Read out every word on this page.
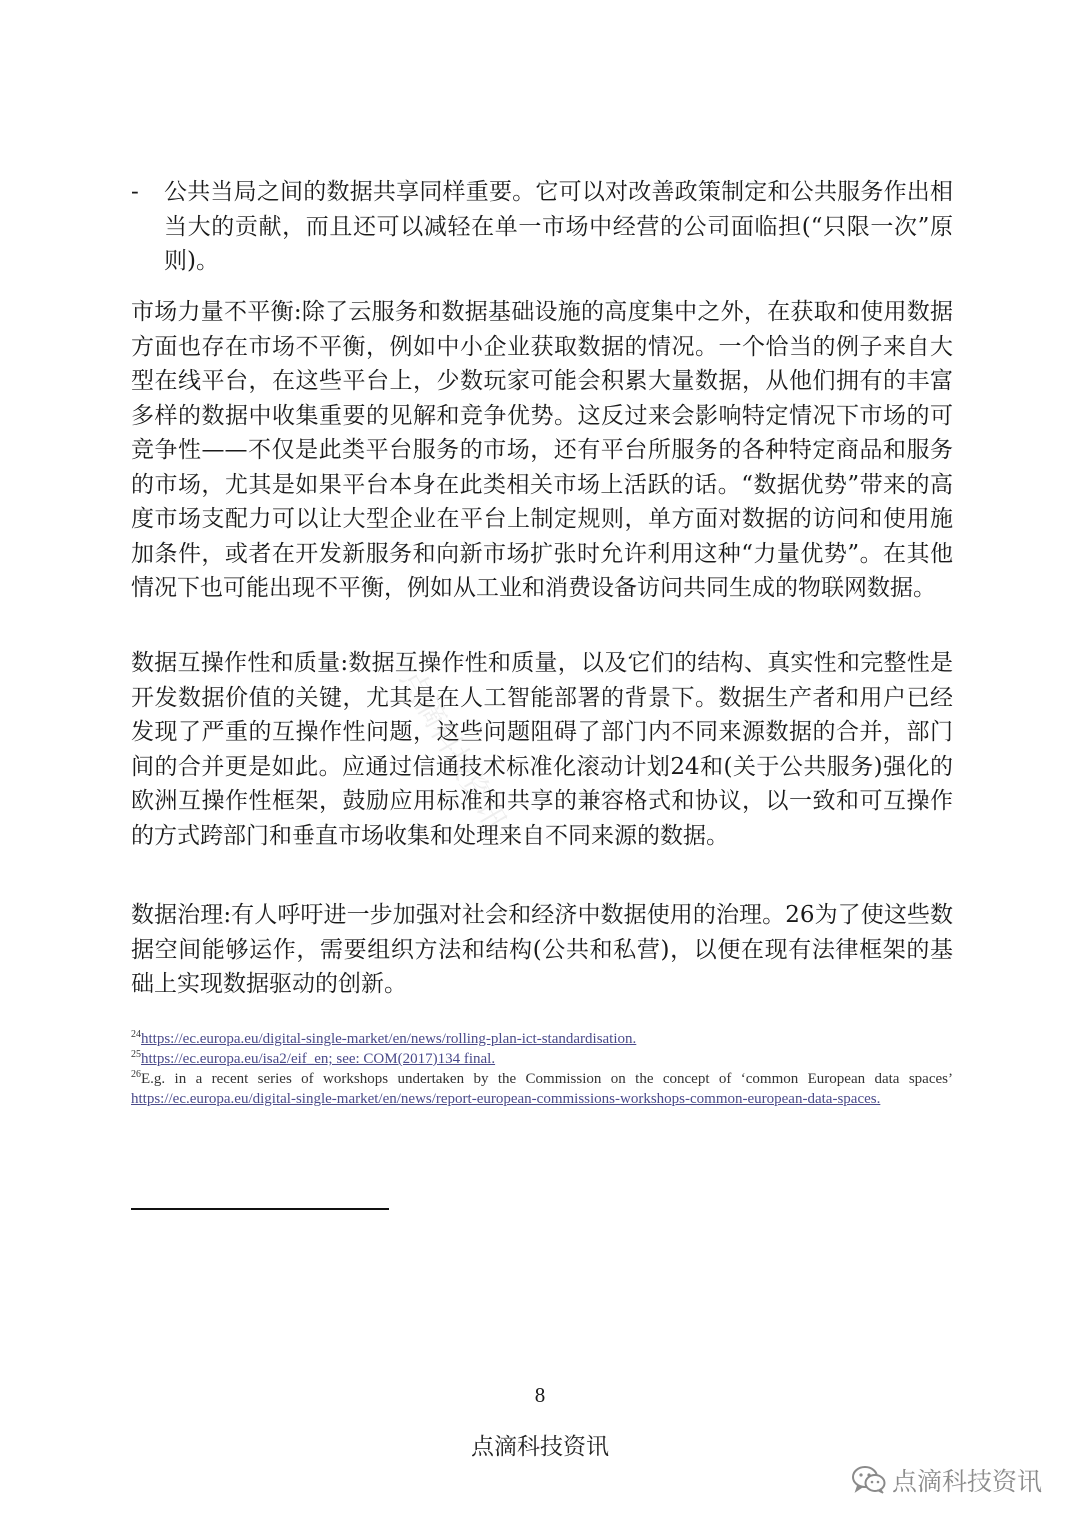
点滴科技资讯
- 公共当局之间的数据共享同样重要。它可以对改善政策制定和公共服务作出相当大的贡献，而且还可以减轻在单一市场中经营的公司面临担(“只限一次”原则)。

市场力量不平衡:除了云服务和数据基础设施的高度集中之外，在获取和使用数据方面也存在市场不平衡，例如中小企业获取数据的情况。一个恰当的例子来自大型在线平台，在这些平台上，少数玩家可能会积累大量数据，从他们拥有的丰富多样的数据中收集重要的见解和竞争优势。这反过来会影响特定情况下市场的可竞争性——不仅是此类平台服务的市场，还有平台所服务的各种特定商品和服务的市场，尤其是如果平台本身在此类相关市场上活跃的话。“数据优势”带来的高度市场支配力可以让大型企业在平台上制定规则，单方面对数据的访问和使用施加条件，或者在开发新服务和向新市场扩张时允许利用这种“力量优势”。在其他情况下也可能出现不平衡，例如从工业和消费设备访问共同生成的物联网数据。

数据互操作性和质量:数据互操作性和质量，以及它们的结构、真实性和完整性是开发数据价值的关键，尤其是在人工智能部署的背景下。数据生产者和用户已经发现了严重的互操作性问题，这些问题阻碍了部门内不同来源数据的合并，部门间的合并更是如此。应通过信通技术标准化滚动计划24和(关于公共服务)强化的欧洲互操作性框架，鼓励应用标准和共享的兼容格式和协议，以一致和可互操作的方式跨部门和垂直市场收集和处理来自不同来源的数据。

数据治理:有人呼吁进一步加强对社会和经济中数据使用的治理。26为了使这些数据空间能够运作，需要组织方法和结构(公共和私营)，以便在现有法律框架的基础上实现数据驱动的创新。

$^{24}$https://ec.europa.eu/digital-single-market/en/news/rolling-plan-ict-standardisation.

$^{25}$https://ec.europa.eu/isa2/eif_en; see: COM(2017)134 final.

$^{26}$E.g. in a recent series of workshops undertaken by the Commission on the concept of ‘common European data spaces’ https://ec.europa.eu/digital-single-market/en/news/report-european-commissions-workshops-common-european-data-spaces.

8
点滴科技资讯
点滴科技资讯
